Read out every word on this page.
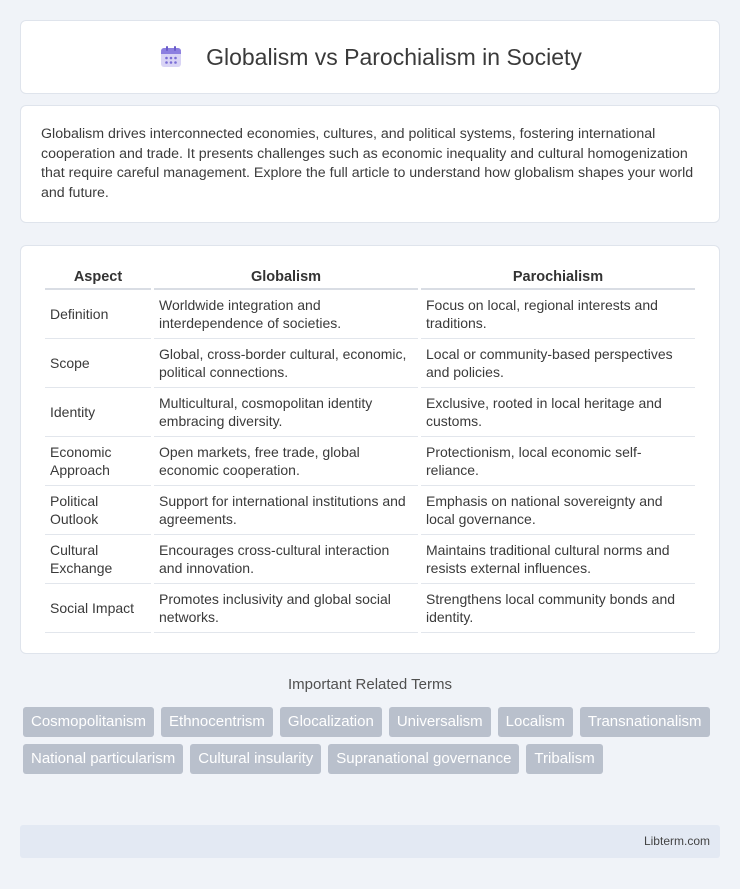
Globalism vs Parochialism in Society

Globalism drives interconnected economies, cultures, and political systems, fostering international cooperation and trade. It presents challenges such as economic inequality and cultural homogenization that require careful management. Explore the full article to understand how globalism shapes your world and future.

Aspect	Globalism	Parochialism
Definition	Worldwide integration and interdependence of societies.	Focus on local, regional interests and traditions.
Scope	Global, cross-border cultural, economic, political connections.	Local or community-based perspectives and policies.
Identity	Multicultural, cosmopolitan identity embracing diversity.	Exclusive, rooted in local heritage and customs.
Economic Approach	Open markets, free trade, global economic cooperation.	Protectionism, local economic self-reliance.
Political Outlook	Support for international institutions and agreements.	Emphasis on national sovereignty and local governance.
Cultural Exchange	Encourages cross-cultural interaction and innovation.	Maintains traditional cultural norms and resists external influences.
Social Impact	Promotes inclusivity and global social networks.	Strengthens local community bonds and identity.
Important Related Terms
Cosmopolitanism	Ethnocentrism	Glocalization	Universalism	Localism	Transnationalism
National particularism	Cultural insularity	Supranational governance	Tribalism
Libterm.com
